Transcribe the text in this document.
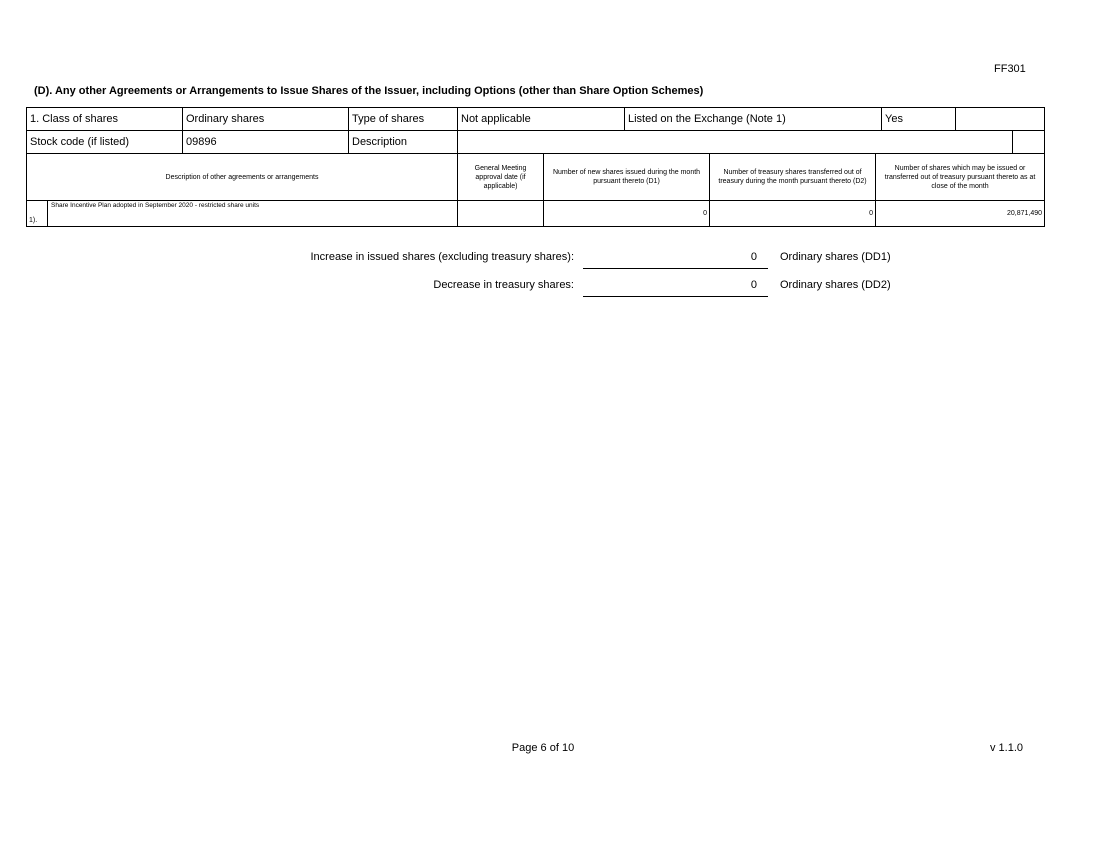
FF301
(D). Any other Agreements or Arrangements to Issue Shares of the Issuer, including Options (other than Share Option Schemes)
1. Class of shares	Ordinary shares	Type of shares	Not applicable	Listed on the Exchange (Note 1)	Yes		
Stock code (if listed)	09896	Description					
Description of other agreements or arrangements		General Meeting approval date (if applicable)	Number of new shares issued during the month pursuant thereto (D1)	Number of treasury shares transferred out of treasury during the month pursuant thereto (D2)	Number of shares which may be issued or transferred out of treasury pursuant thereto as at close of the month
1).	Share Incentive Plan adopted in September 2020 - restricted share units		0	0	20,871,490
Increase in issued shares (excluding treasury shares):	0 Ordinary shares (DD1)
Decrease in treasury shares:	0 Ordinary shares (DD2)
Page 6 of 10	v 1.1.0
